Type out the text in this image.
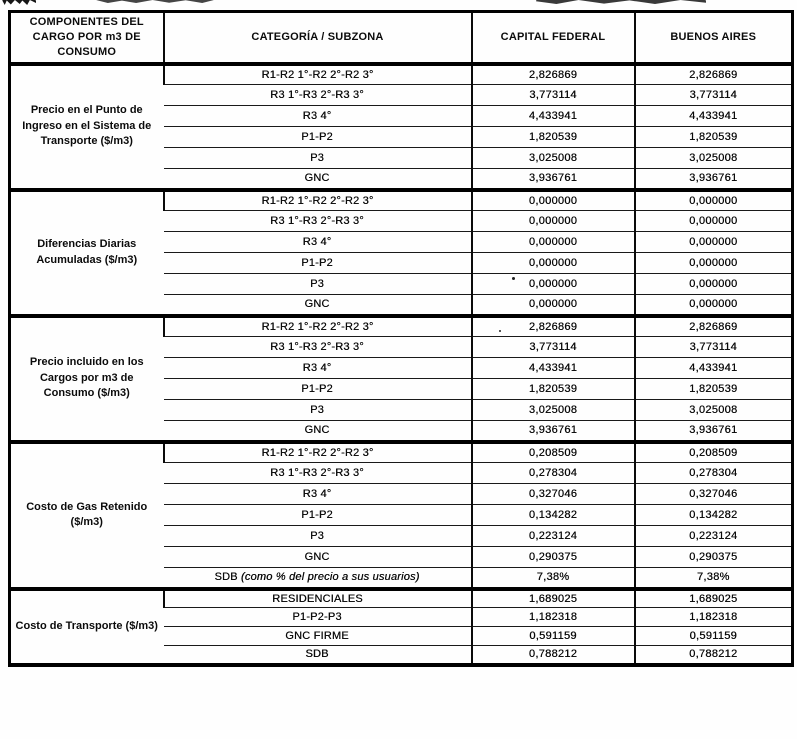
COMPONENTES DEL CARGO POR m3 DE CONSUMO	CATEGORÍA / SUBZONA	CAPITAL FEDERAL	BUENOS AIRES
Precio en el Punto de Ingreso en el Sistema de Transporte ($/m3)	R1-R2 1°-R2 2°-R2 3°	2,826869	2,826869
	R3 1°-R3 2°-R3 3°	3,773114	3,773114
	R3 4°	4,433941	4,433941
	P1-P2	1,820539	1,820539
	P3	3,025008	3,025008
	GNC	3,936761	3,936761
Diferencias Diarias Acumuladas ($/m3)	R1-R2 1°-R2 2°-R2 3°	0,000000	0,000000
	R3 1°-R3 2°-R3 3°	0,000000	0,000000
	R3 4°	0,000000	0,000000
	P1-P2	0,000000	0,000000
	P3	0,000000	0,000000
	GNC	0,000000	0,000000
Precio incluido en los Cargos por m3 de Consumo ($/m3)	R1-R2 1°-R2 2°-R2 3°	2,826869	2,826869
	R3 1°-R3 2°-R3 3°	3,773114	3,773114
	R3 4°	4,433941	4,433941
	P1-P2	1,820539	1,820539
	P3	3,025008	3,025008
	GNC	3,936761	3,936761
Costo de Gas Retenido ($/m3)	R1-R2 1°-R2 2°-R2 3°	0,208509	0,208509
	R3 1°-R3 2°-R3 3°	0,278304	0,278304
	R3 4°	0,327046	0,327046
	P1-P2	0,134282	0,134282
	P3	0,223124	0,223124
	GNC	0,290375	0,290375
	SDB (como % del precio a sus usuarios)	7,38%	7,38%
Costo de Transporte ($/m3)	RESIDENCIALES	1,689025	1,689025
	P1-P2-P3	1,182318	1,182318
	GNC FIRME	0,591159	0,591159
	SDB	0,788212	0,788212
